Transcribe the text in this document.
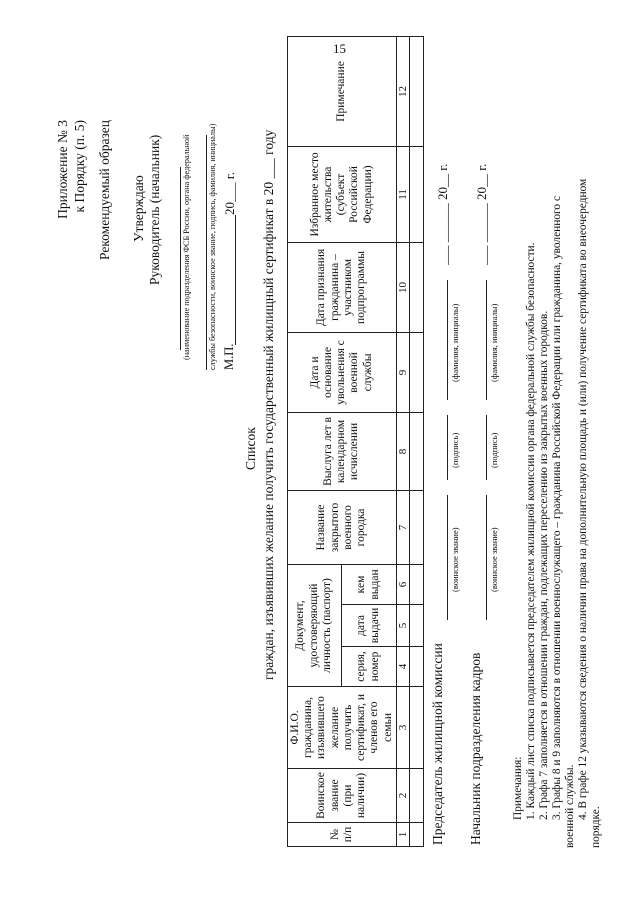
15
Приложение № 3 к Порядку (п. 5) Рекомендуемый образец Утверждаю Руководитель (начальник) (наименование подразделения ФСБ России, органа федеральной службы безопасности, воинское звание, подпись, фамилия, инициалы) М.П.
20___ г.
Список граждан, изъявивших желание получить государственный жилищный сертификат в 20 ___ году
№ п/п	Воинское звание (при наличии)	Ф.И.О. гражданина, изъявившего желание получить сертификат, и членов его семьи	Документ, удостоверяющий личность (паспорт)			Название закрытого военного городка	Выслуга лет в календарном исчислении	Дата и основание увольнения с военной службы	Дата признания гражданина – участником подпрограммы	Избранное место жительства (субъект Российской Федерации)	Примечание
			серия, номер	дата выдачи	кем выдан						
1	2	3	4	5	6	7	8	9	10	11	12

Председатель жилищной комиссии
(воинское звание)
(подпись)
(фамилия, инициалы)
___ ______ 20__ г.
Начальник подразделения кадров
(воинское звание)
(подпись)
(фамилия, инициалы)
___ ______ 20__ г.
Примечания: 1. Каждый лист списка подписывается председателем жилищной комиссии органа федеральной службы безопасности. 2. Графа 7 заполняется в отношении граждан, подлежащих переселению из закрытых военных городков. 3. Графы 8 и 9 заполняются в отношении военнослужащего – гражданина Российской Федерации или гражданина, уволенного с военной службы. 4. В графе 12 указываются сведения о наличии права на дополнительную площадь и (или) получение сертификата во внеочередном
порядке.
